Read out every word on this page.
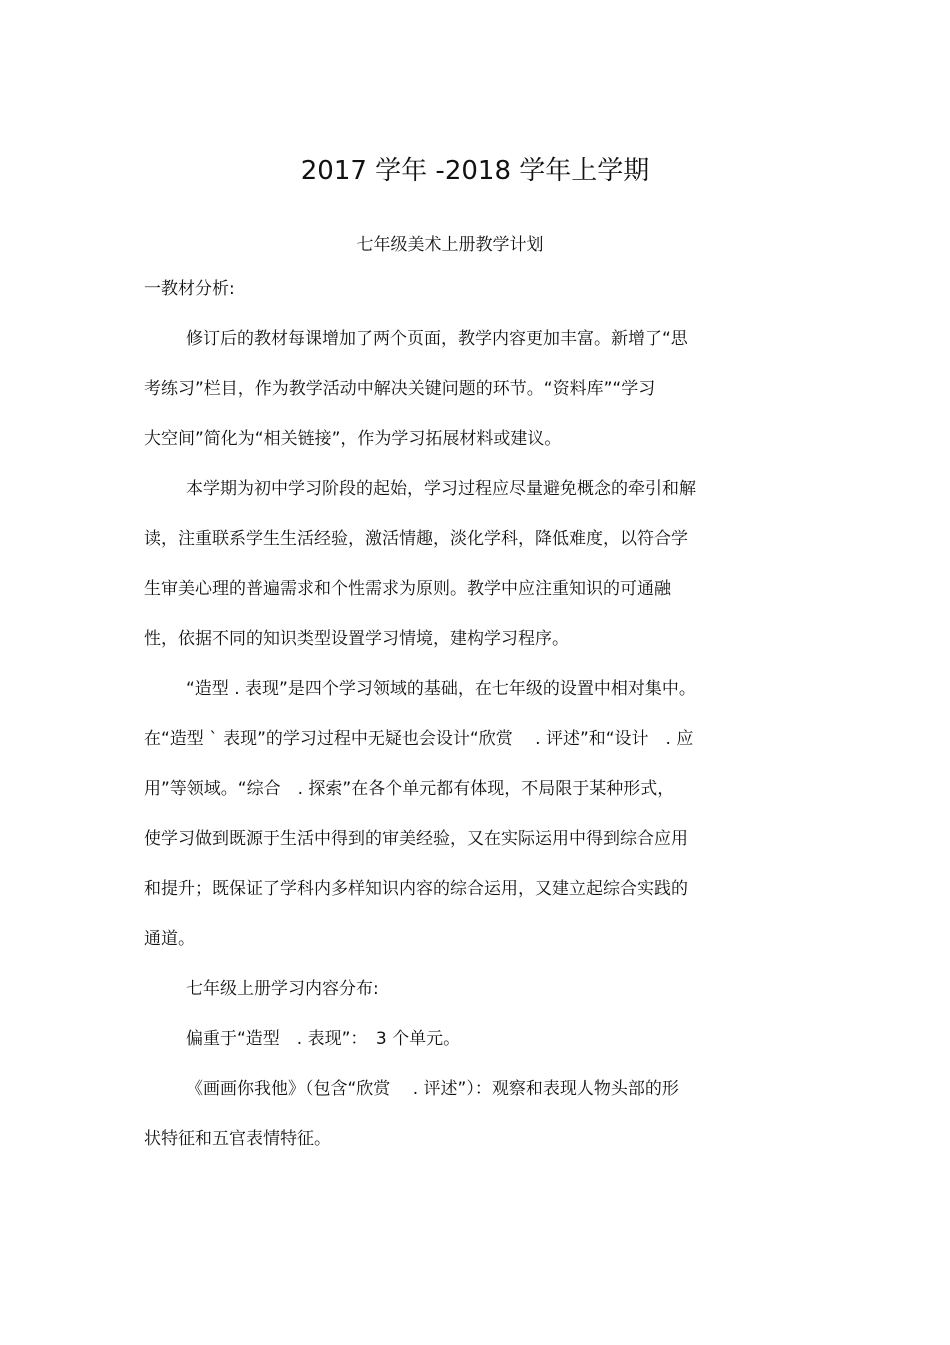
2017 学年 -2018 学年上学期
七年级美术上册教学计划
一教材分析:
修订后的教材每课增加了两个页面，教学内容更加丰富。新增了“思
考练习”栏目，作为教学活动中解决关键问题的环节。“资料库”“学习
大空间”简化为“相关链接”，作为学习拓展材料或建议。
本学期为初中学习阶段的起始，学习过程应尽量避免概念的牵引和解
读，注重联系学生生活经验，激活情趣，淡化学科，降低难度，以符合学
生审美心理的普遍需求和个性需求为原则。教学中应注重知识的可通融
性，依据不同的知识类型设置学习情境，建构学习程序。
“造型 . 表现”是四个学习领域的基础，在七年级的设置中相对集中。
在“造型 ` 表现”的学习过程中无疑也会设计“欣赏　 . 评述”和“设计　. 应
用”等领域。“综合　. 探索”在各个单元都有体现，不局限于某种形式，
使学习做到既源于生活中得到的审美经验，又在实际运用中得到综合应用
和提升；既保证了学科内多样知识内容的综合运用，又建立起综合实践的
通道。
七年级上册学习内容分布:
偏重于“造型　. 表现”：　3 个单元。
《画画你我他》（包含“欣赏　 . 评述”）：观察和表现人物头部的形
状特征和五官表情特征。
